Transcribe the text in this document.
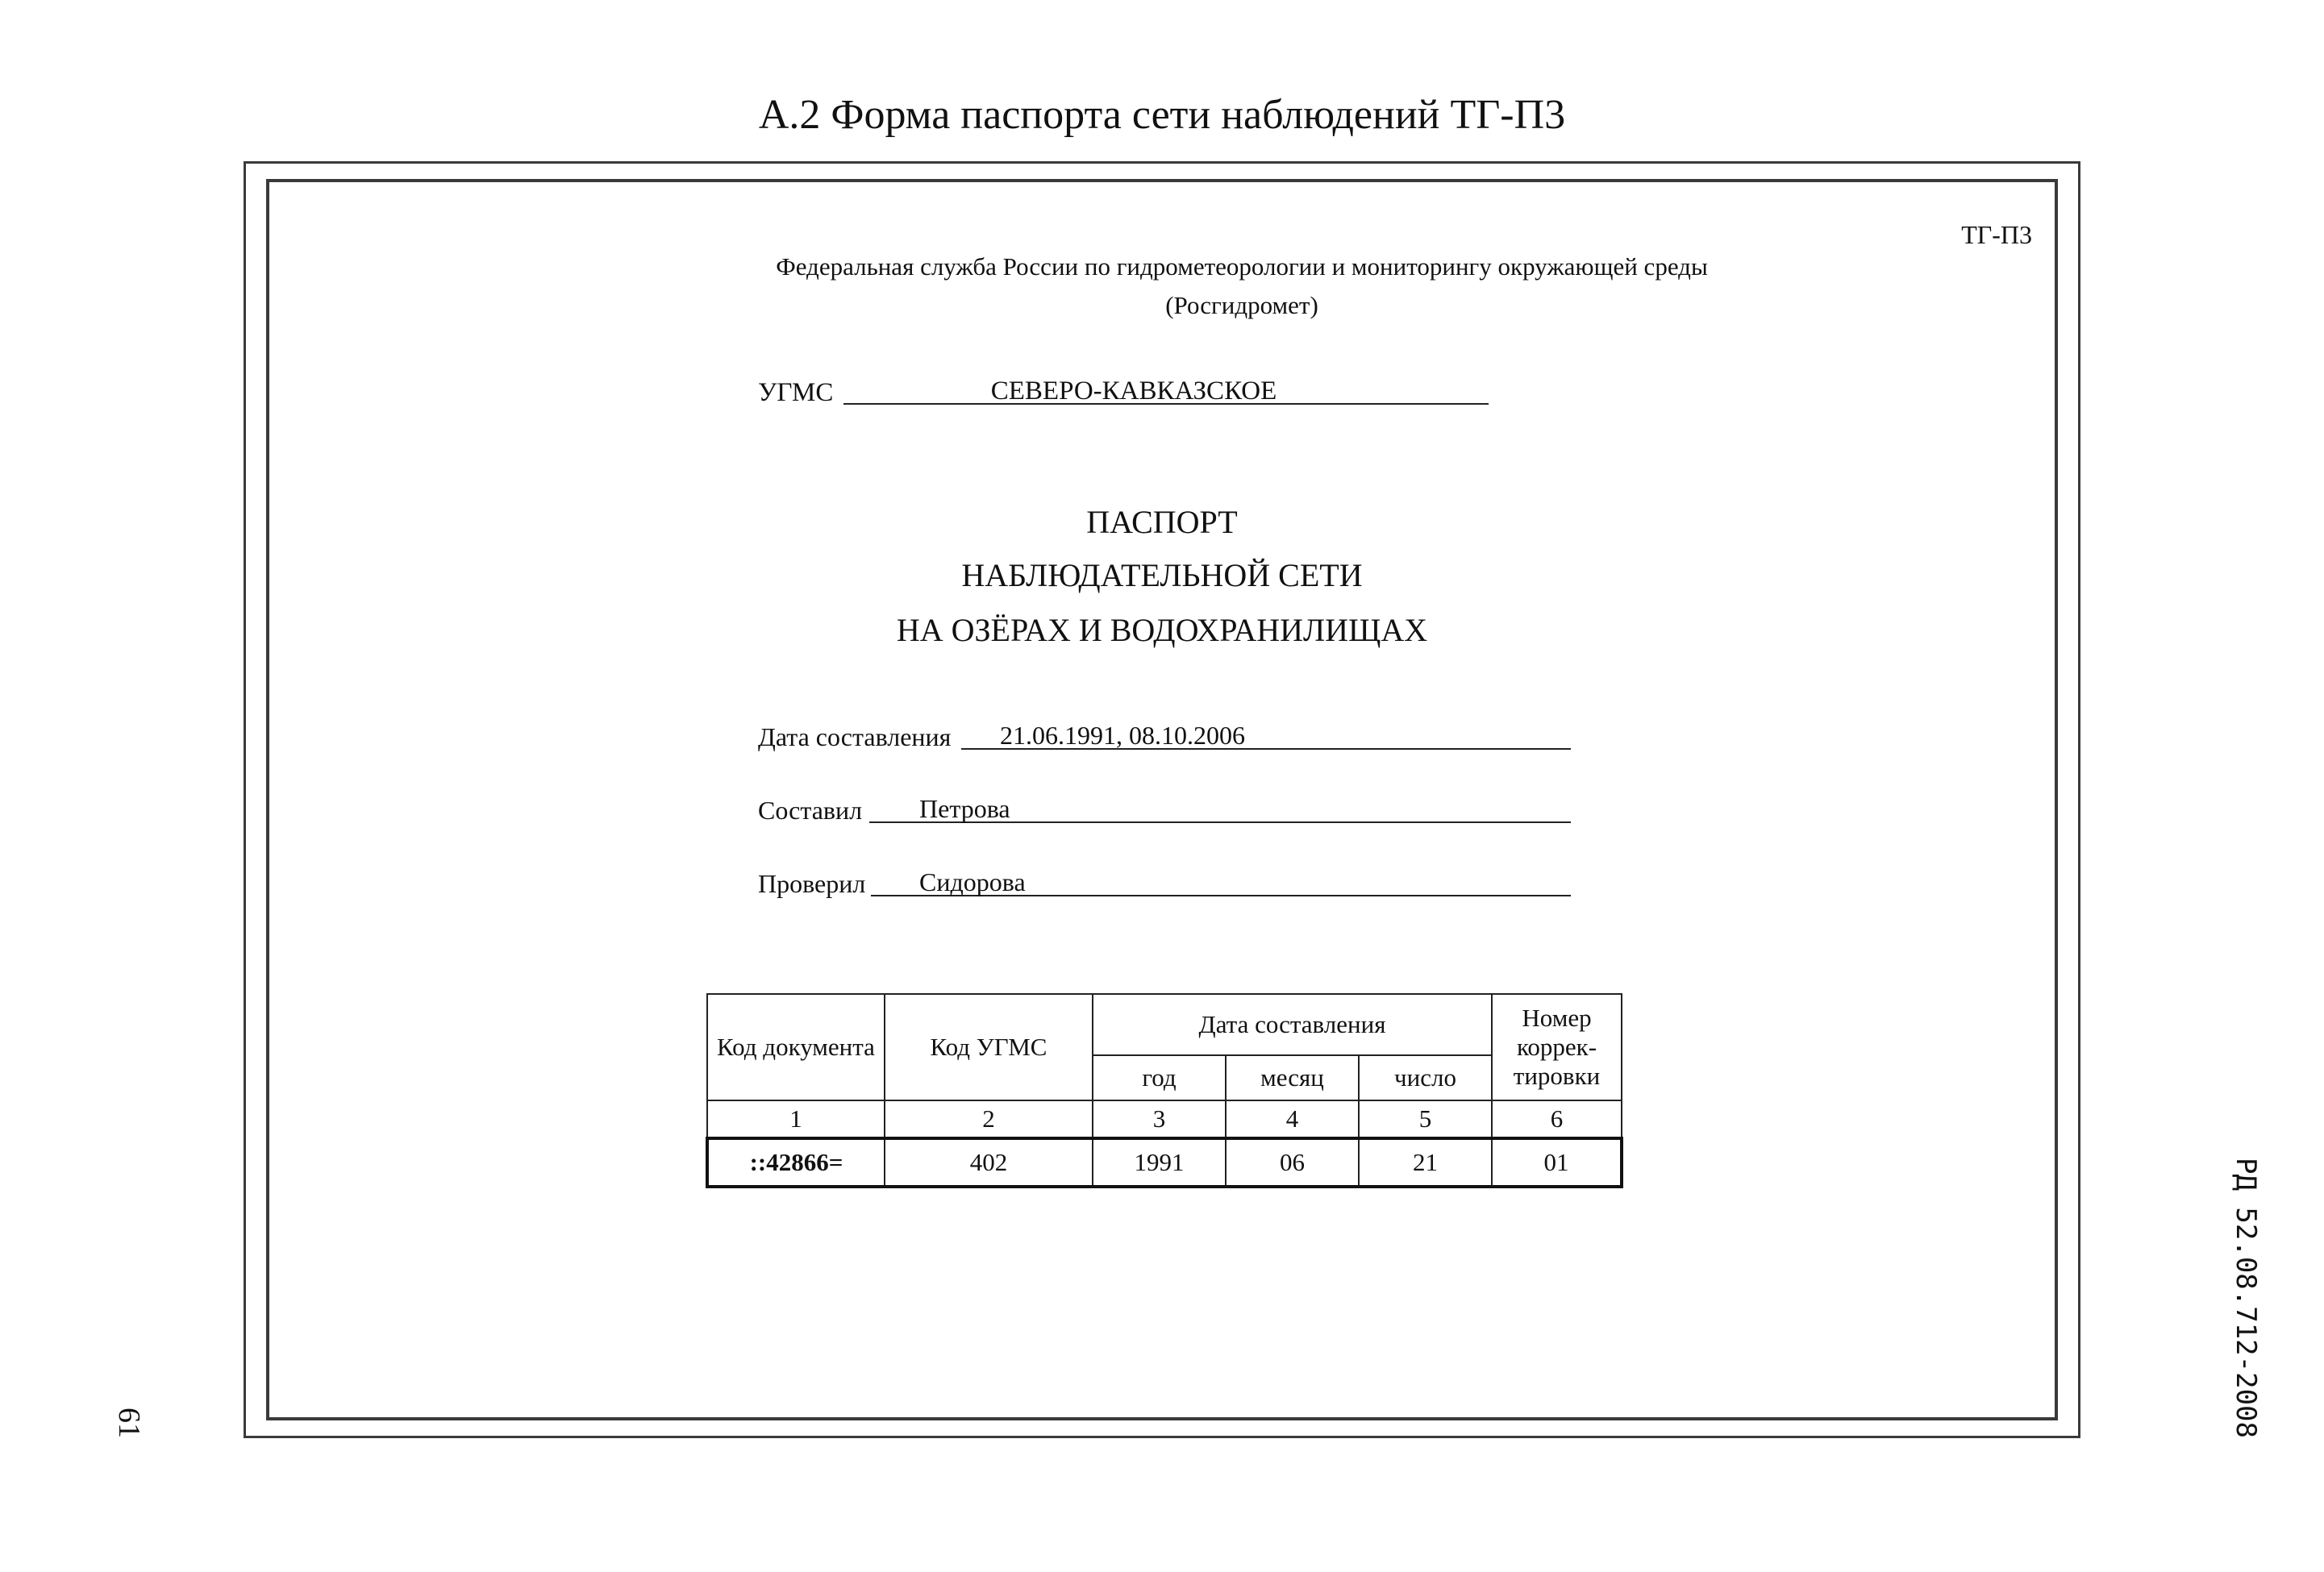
А.2 Форма паспорта сети наблюдений ТГ-П3
ТГ-П3
Федеральная служба России по гидрометеорологии и мониторингу окружающей среды
(Росгидромет)
УГМС	СЕВЕРО-КАВКАЗСКОЕ
ПАСПОРТ
НАБЛЮДАТЕЛЬНОЙ СЕТИ
НА ОЗЁРАХ И ВОДОХРАНИЛИЩАХ
Дата составления 21.06.1991, 08.10.2006
Составил Петрова
Проверил Сидорова
Код документа	Код УГМС	Дата составления			Номер коррек-тировки
		год	месяц	число	
1	2	3	4	5	6
::42866=	402	1991	06	21	01
61	РД 52.08.712-2008
